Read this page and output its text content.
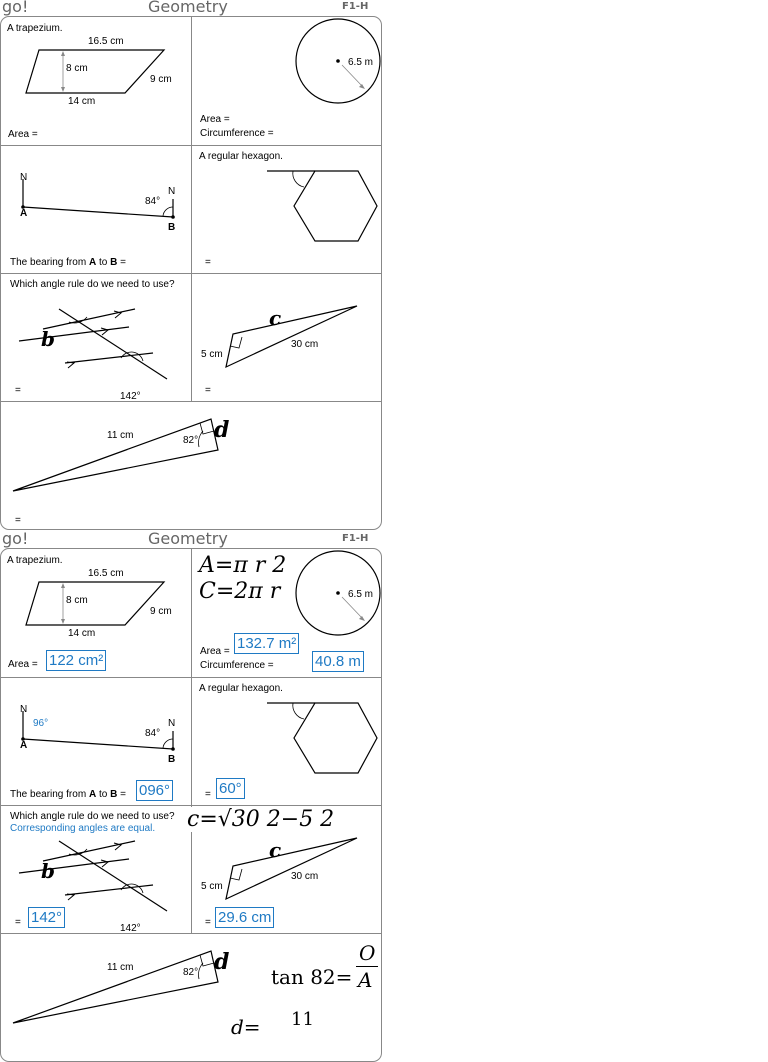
go!	Geometry	F1-H
A trapezium.
16.5 cm
8 cm
9 cm
14 cm
Area =
6.5 m
Area =
Circumference =
N
N
A
B
84°
The bearing from A to B =
A regular hexagon.
=
Which angle rule do we need to use?
b
142°
=
c
5 cm
30 cm
=
11 cm	82° d
=
go!	Geometry	F1-H
A trapezium.
16.5 cm
8 cm
9 cm
14 cm
Area = 122 cm²
A=π r 2
C=2π r	6.5 m
Area = 132.7 m²
Circumference =	40.8 m
N
96°	N
A
B
84°
The bearing from A to B = 096°
A regular hexagon.
= 60°
Which angle rule do we need to use?
Corresponding angles are equal.
b
142°
= 142°
c=√30 2−5 2
c
5 cm
30 cm
= 29.6 cm
11 cm	82° d
tan 82=
O
A
11
d=
